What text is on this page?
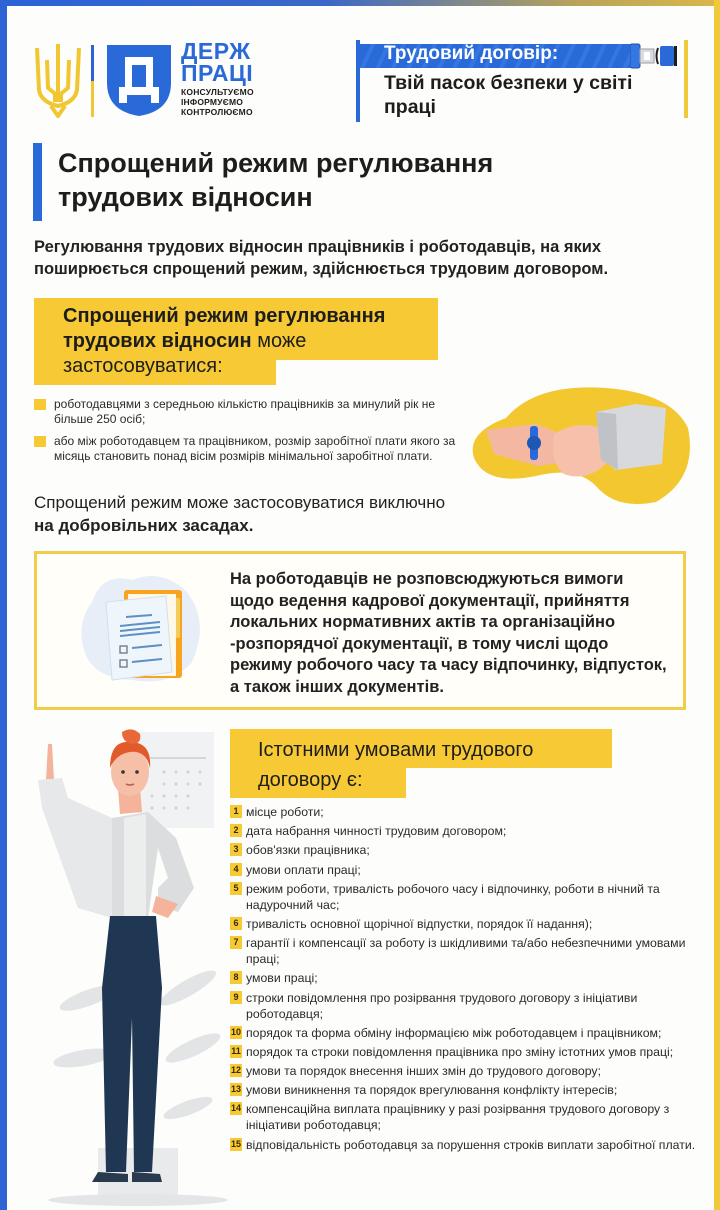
ДЕРЖ
ПРАЦІ
КОНСУЛЬТУЄМО
ІНФОРМУЄМО
КОНТРОЛЮЄМО
Трудовий договір:
Твій пасок безпеки у світі праці
Спрощений режим регулювання
трудових відносин

Регулювання трудових відносин працівників і роботодавців, на яких поширюється спрощений режим, здійснюється трудовим договором.

Спрощений режим регулювання
трудових відносин може
застосовуватися:
роботодавцями з середньою кількістю працівників за минулий рік не більше 250 осіб;
або між роботодавцем та працівником, розмір заробітної плати якого за місяць становить понад вісім розмірів мінімальної заробітної плати.

Спрощений режим може застосовуватися виключно
на добровільних засадах.

На роботодавців не розповсюджуються вимоги щодо ведення кадрової документації, прийняття локальних нормативних актів та організаційно -розпорядчої документації, в тому числі щодо режиму робочого часу та часу відпочинку, відпусток, а також інших документів.

Істотними умовами трудового
договору є:
1 місце роботи;
2 дата набрання чинності трудовим договором;
3 обов'язки працівника;
4 умови оплати праці;
5 режим роботи, тривалість робочого часу і відпочинку, роботи в нічний та надурочний час;
6 тривалість основної щорічної відпустки, порядок її надання);
7 гарантії і компенсації за роботу із шкідливими та/або небезпечними умовами праці;
8 умови праці;
9 строки повідомлення про розірвання трудового договору з ініціативи роботодавця;
10 порядок та форма обміну інформацією між роботодавцем і працівником;
11 порядок та строки повідомлення працівника про зміну істотних умов праці;
12 умови та порядок внесення інших змін до трудового договору;
13 умови виникнення та порядок врегулювання конфлікту інтересів;
14 компенсаційна виплата працівнику у разі розірвання трудового договору з ініціативи роботодавця;
15 відповідальність роботодавця за порушення строків виплати заробітної плати.
